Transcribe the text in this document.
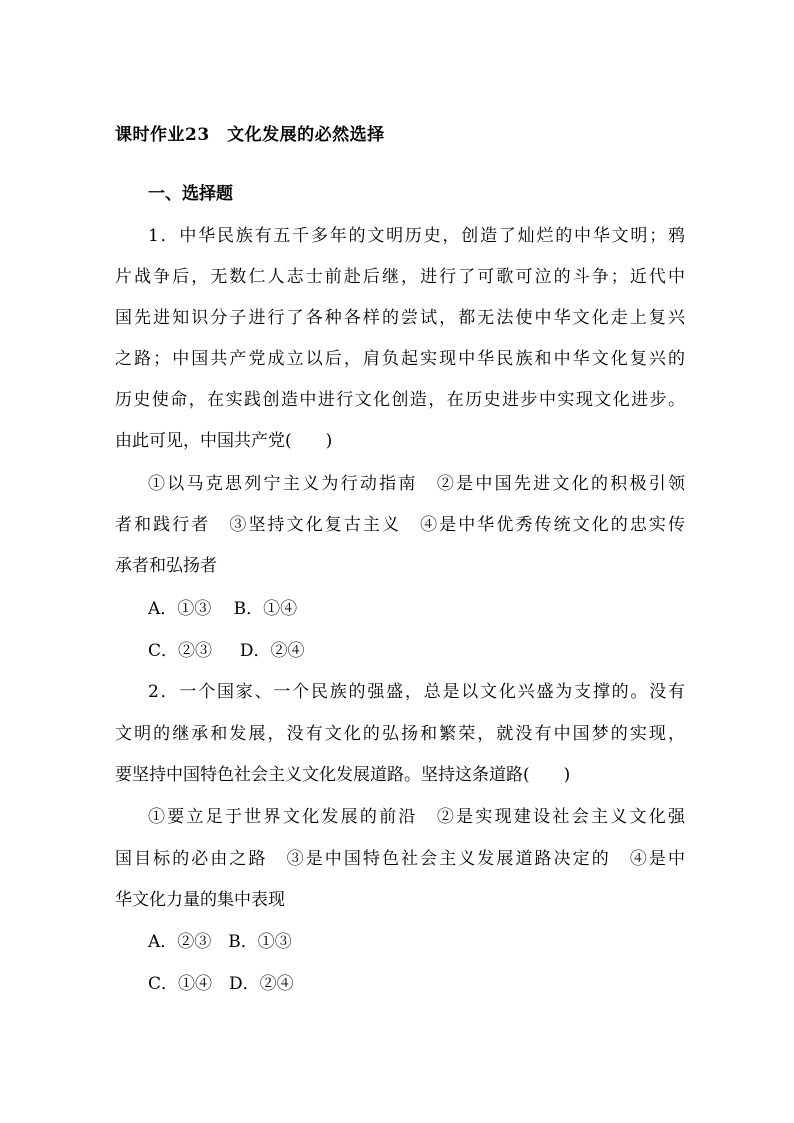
课时作业23　文化发展的必然选择
一、选择题
1．中华民族有五千多年的文明历史，创造了灿烂的中华文明；鸦
片战争后，无数仁人志士前赴后继，进行了可歌可泣的斗争；近代中
国先进知识分子进行了各种各样的尝试，都无法使中华文化走上复兴
之路；中国共产党成立以后，肩负起实现中华民族和中华文化复兴的
历史使命，在实践创造中进行文化创造，在历史进步中实现文化进步。
由此可见，中国共产党(　　)
①以马克思列宁主义为行动指南　②是中国先进文化的积极引领
者和践行者　③坚持文化复古主义　④是中华优秀传统文化的忠实传
承者和弘扬者
A．①③　 B．①④
C．②③　  D．②④
2．一个国家、一个民族的强盛，总是以文化兴盛为支撑的。没有
文明的继承和发展，没有文化的弘扬和繁荣，就没有中国梦的实现，
要坚持中国特色社会主义文化发展道路。坚持这条道路(　　)
①要立足于世界文化发展的前沿　②是实现建设社会主义文化强
国目标的必由之路　③是中国特色社会主义发展道路决定的　④是中
华文化力量的集中表现
A．②③　B．①③
C．①④　D．②④
